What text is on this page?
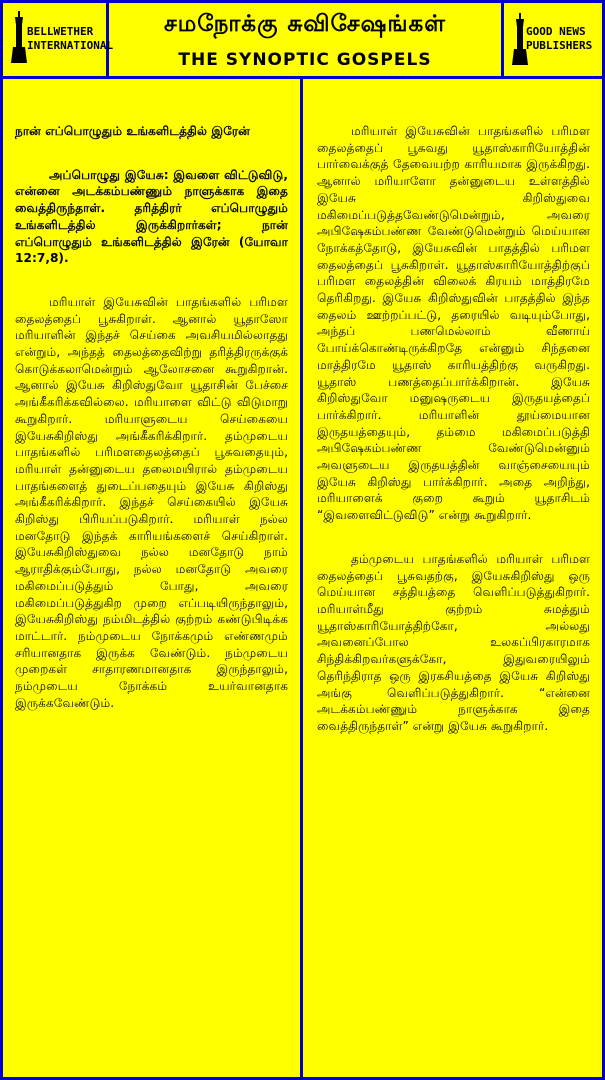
BELLWETHER
INTERNATIONAL
சமநோக்கு சுவிசேஷங்கள்
THE SYNOPTIC GOSPELS
GOOD NEWS
PUBLISHERS

நான் எப்பொழுதும் உங்களிடத்தில் இரேன்

அப்பொழுது இயேசு: இவளை விட்டுவிடு, என்னை அடக்கம்பண்ணும் நாளுக்காக இதை வைத்திருந்தாள். தரித்திரர் எப்பொழுதும் உங்களிடத்தில் இருக்கிறார்கள்; நான் எப்பொழுதும் உங்களிடத்தில் இரேன் (யோவா 12:7,8).

மரியாள் இயேசுவின் பாதங்களில் பரிமள தைலத்தைப் பூசுகிறாள். ஆனால் யூதாஸோ மரியாளின் இந்தச் செய்கை அவசியமில்லாதது என்றும், அந்தத் தைலத்தைவிற்று தரித்திரருக்குக் கொடுக்கலாமென்றும் ஆலோசனை கூறுகிறான். ஆனால் இயேசு கிறிஸ்துவோ யூதாசின் பேச்சை அங்கீகரிக்கவில்லை. மரியாளை விட்டு விடுமாறு கூறுகிறார். மரியாளுடைய செய்கையை இயேசுகிறிஸ்து அங்கீகரிக்கிறார். தம்முடைய பாதங்களில் பரிமளதைலத்தைப் பூசுவதையும், மரியாள் தன்னுடைய தலைமயிரால் தம்முடைய பாதங்களைத் துடைப்பதையும் இயேசு கிறிஸ்து அங்கீகரிக்கிறார். இந்தச் செய்கையில் இயேசு கிறிஸ்து பிரியப்படுகிறார். மரியாள் நல்ல மனதோடு இந்தக் காரியங்களைச் செய்கிறாள். இயேசுகிறிஸ்துவை நல்ல மனதோடு நாம் ஆராதிக்கும்போது, நல்ல மனதோடு அவரை மகிமைப்படுத்தும் போது, அவரை மகிமைப்படுத்துகிற முறை எப்படியிருந்தாலும், இயேசுகிறிஸ்து நம்மிடத்தில் குற்றம் கண்டுபிடிக்க மாட்டார். நம்முடைய நோக்கமும் எண்ணமும் சரியானதாக இருக்க வேண்டும். நம்முடைய முறைகள் சாதாரணமானதாக இருந்தாலும், நம்முடைய நோக்கம் உயர்வானதாக இருக்கவேண்டும்.

மரியாள் இயேசுவின் பாதங்களில் பரிமள தைலத்தைப் பூசுவது யூதாஸ்காரியோத்தின் பார்வைக்குத் தேவையற்ற காரியமாக இருக்கிறது. ஆனால் மரியாளோ தன்னுடைய உள்ளத்தில் இயேசு கிறிஸ்துவை மகிமைப்படுத்தவேண்டுமென்றும், அவரை அபிஷேகம்பண்ண வேண்டுமென்றும் மெய்யான நோக்கத்தோடு, இயேசுவின் பாதத்தில் பரிமள தைலத்தைப் பூசுகிறாள். யூதாஸ்காரியோத்திற்குப் பரிமள தைலத்தின் விலைக் கிரயம் மாத்திரமே தெரிகிறது. இயேசு கிறிஸ்துவின் பாதத்தில் இந்த தைலம் ஊற்றப்பட்டு, தரையில் வடியும்போது, அந்தப் பணமெல்லாம் வீணாய் போய்க்கொண்டிருக்கிறதே என்னும் சிந்தனை மாத்திரமே யூதாஸ் காரியத்திற்கு வருகிறது. யூதாஸ் பணத்தைப்பார்க்கிறான். இயேசு கிறிஸ்துவோ மனுஷருடைய இருதயத்தைப் பார்க்கிறார். மரியாளின் தூய்மையான இருதயத்தையும், தம்மை மகிமைப்படுத்தி அபிஷேகம்பண்ண வேண்டுமென்னும் அவளுடைய இருதயத்தின் வாஞ்சையையும் இயேசு கிறிஸ்து பார்க்கிறார். அதை அறிந்து, மரியாளைக் குறை கூறும் யூதாசிடம் “இவளைவிட்டுவிடு” என்று கூறுகிறார்.

தம்முடைய பாதங்களில் மரியாள் பரிமள தைலத்தைப் பூசுவதற்கு, இயேசுகிறிஸ்து ஒரு மெய்யான சத்தியத்தை வெளிப்படுத்துகிறார். மரியாள்மீது குற்றம் சுமத்தும் யூதாஸ்காரியோத்திற்கோ, அல்லது அவனைப்போல உலகப்பிரகாரமாக சிந்திக்கிறவர்களுக்கோ, இதுவரையிலும் தெரிந்திராத ஒரு இரகசியத்தை இயேசு கிறிஸ்து அங்கு வெளிப்படுத்துகிறார். “என்னை அடக்கம்பண்ணும் நாளுக்காக இதை வைத்திருந்தாள்” என்று இயேசு கூறுகிறார்.
